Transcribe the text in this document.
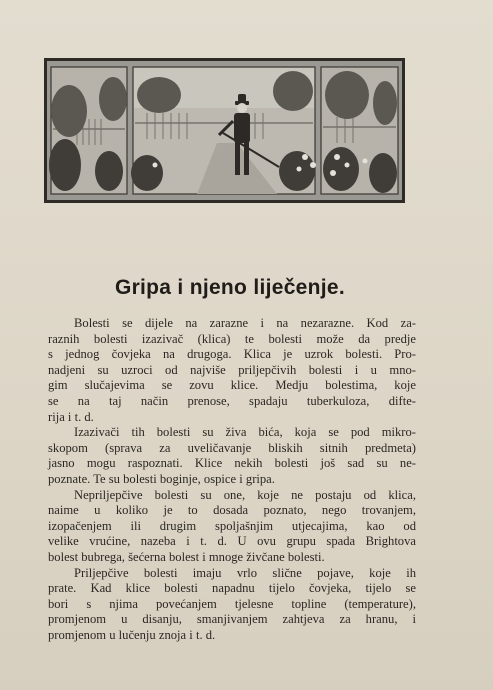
Gripa i njeno liječenje.
Bolesti se dijele na zarazne i na nezarazne. Kod za-
raznih bolesti izazivač (klica) te bolesti može da predje
s jednog čovjeka na drugoga. Klica je uzrok bolesti. Pro-
nadjeni su uzroci od najviše priljepčivih bolesti i u mno-
gim slučajevima se zovu klice. Medju bolestima, koje
se na taj način prenose, spadaju tuberkuloza, difte-
rija i t. d.
Izazivači tih bolesti su živa bića, koja se pod mikro-
skopom (sprava za uveličavanje bliskih sitnih predmeta)
jasno mogu raspoznati. Klice nekih bolesti još sad su ne-
poznate. Te su bolesti boginje, ospice i gripa.
Nepriljepčive bolesti su one, koje ne postaju od klica,
naime u koliko je to dosada poznato, nego trovanjem,
izopačenjem ili drugim spoljašnjim utjecajima, kao od
velike vrućine, nazeba i t. d. U ovu grupu spada Brightova
bolest bubrega, šećerna bolest i mnoge živčane bolesti.
Priljepčive bolesti imaju vrlo slične pojave, koje ih
prate. Kad klice bolesti napadnu tijelo čovjeka, tijelo se
bori s njima povećanjem tjelesne topline (temperature),
promjenom u disanju, smanjivanjem zahtjeva za hranu, i
promjenom u lučenju znoja i t. d.
